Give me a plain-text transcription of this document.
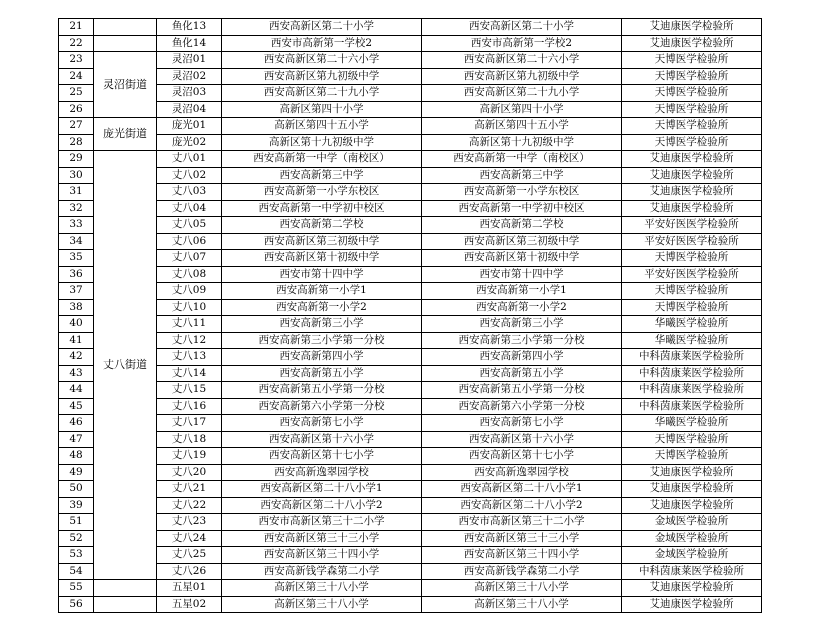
21		鱼化13	西安高新区第二十小学	西安高新区第二十小学	艾迪康医学检验所
22		鱼化14	西安市高新第一学校2	西安市高新第一学校2	艾迪康医学检验所
23	灵沼街道	灵沼01	西安高新区第二十六小学	西安高新区第二十六小学	天博医学检验所
24		灵沼02	西安高新区第九初级中学	西安高新区第九初级中学	天博医学检验所
25		灵沼03	西安高新区第二十九小学	西安高新区第二十九小学	天博医学检验所
26		灵沼04	高新区第四十小学	高新区第四十小学	天博医学检验所
27	庞光街道	庞光01	高新区第四十五小学	高新区第四十五小学	天博医学检验所
28		庞光02	高新区第十九初级中学	高新区第十九初级中学	天博医学检验所
29	丈八街道	丈八01	西安高新第一中学（南校区）	西安高新第一中学（南校区）	艾迪康医学检验所
30		丈八02	西安高新第三中学	西安高新第三中学	艾迪康医学检验所
31		丈八03	西安高新第一小学东校区	西安高新第一小学东校区	艾迪康医学检验所
32		丈八04	西安高新第一中学初中校区	西安高新第一中学初中校区	艾迪康医学检验所
33		丈八05	西安高新第二学校	西安高新第二学校	平安好医医学检验所
34		丈八06	西安高新区第三初级中学	西安高新区第三初级中学	平安好医医学检验所
35		丈八07	西安高新区第十初级中学	西安高新区第十初级中学	天博医学检验所
36		丈八08	西安市第十四中学	西安市第十四中学	平安好医医学检验所
37		丈八09	西安高新第一小学1	西安高新第一小学1	天博医学检验所
38		丈八10	西安高新第一小学2	西安高新第一小学2	天博医学检验所
40		丈八11	西安高新第三小学	西安高新第三小学	华曦医学检验所
41		丈八12	西安高新第三小学第一分校	西安高新第三小学第一分校	华曦医学检验所
42		丈八13	西安高新第四小学	西安高新第四小学	中科茵康莱医学检验所
43		丈八14	西安高新第五小学	西安高新第五小学	中科茵康莱医学检验所
44		丈八15	西安高新第五小学第一分校	西安高新第五小学第一分校	中科茵康莱医学检验所
45		丈八16	西安高新第六小学第一分校	西安高新第六小学第一分校	中科茵康莱医学检验所
46		丈八17	西安高新第七小学	西安高新第七小学	华曦医学检验所
47		丈八18	西安高新区第十六小学	西安高新区第十六小学	天博医学检验所
48		丈八19	西安高新区第十七小学	西安高新区第十七小学	天博医学检验所
49		丈八20	西安高新逸翠园学校	西安高新逸翠园学校	艾迪康医学检验所
50		丈八21	西安高新区第二十八小学1	西安高新区第二十八小学1	艾迪康医学检验所
39		丈八22	西安高新区第二十八小学2	西安高新区第二十八小学2	艾迪康医学检验所
51		丈八23	西安市高新区第三十二小学	西安市高新区第三十二小学	金域医学检验所
52		丈八24	西安高新区第三十三小学	西安高新区第三十三小学	金域医学检验所
53		丈八25	西安高新区第三十四小学	西安高新区第三十四小学	金域医学检验所
54		丈八26	西安高新钱学森第二小学	西安高新钱学森第二小学	中科茵康莱医学检验所
55		五星01	高新区第三十八小学	高新区第三十八小学	艾迪康医学检验所
56		五星02	高新区第三十八小学	高新区第三十八小学	艾迪康医学检验所
